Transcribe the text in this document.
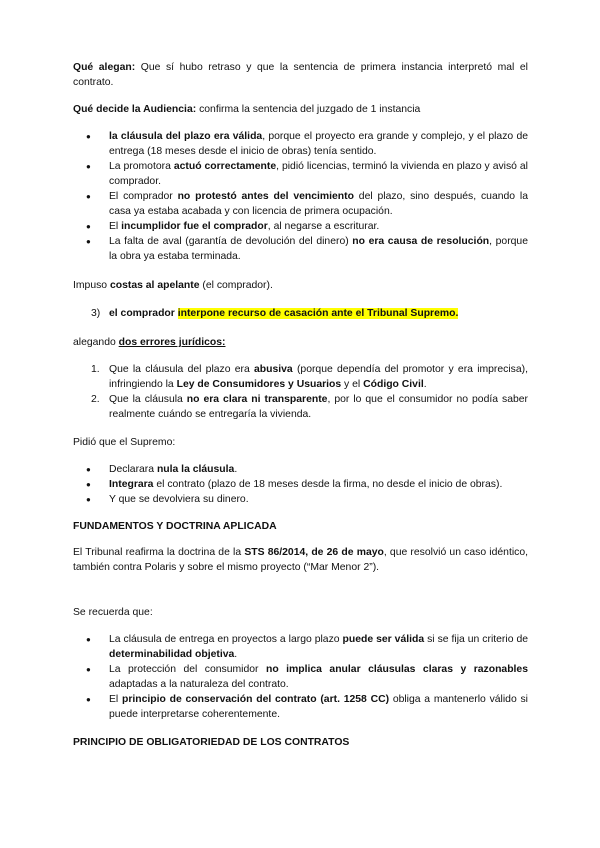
Qué alegan: Que sí hubo retraso y que la sentencia de primera instancia interpretó mal el contrato.

Qué decide la Audiencia: confirma la sentencia del juzgado de 1 instancia

● la cláusula del plazo era válida, porque el proyecto era grande y complejo, y el plazo de entrega (18 meses desde el inicio de obras) tenía sentido.
● La promotora actuó correctamente, pidió licencias, terminó la vivienda en plazo y avisó al comprador.
● El comprador no protestó antes del vencimiento del plazo, sino después, cuando la casa ya estaba acabada y con licencia de primera ocupación.
● El incumplidor fue el comprador, al negarse a escriturar.
● La falta de aval (garantía de devolución del dinero) no era causa de resolución, porque la obra ya estaba terminada.

Impuso costas al apelante (el comprador).

3) el comprador interpone recurso de casación ante el Tribunal Supremo.

alegando dos errores jurídicos:

1. Que la cláusula del plazo era abusiva (porque dependía del promotor y era imprecisa), infringiendo la Ley de Consumidores y Usuarios y el Código Civil.
2. Que la cláusula no era clara ni transparente, por lo que el consumidor no podía saber realmente cuándo se entregaría la vivienda.

Pidió que el Supremo:

● Declarara nula la cláusula.
● Integrara el contrato (plazo de 18 meses desde la firma, no desde el inicio de obras).
● Y que se devolviera su dinero.

FUNDAMENTOS Y DOCTRINA APLICADA

El Tribunal reafirma la doctrina de la STS 86/2014, de 26 de mayo, que resolvió un caso idéntico, también contra Polaris y sobre el mismo proyecto (“Mar Menor 2”).

Se recuerda que:

● La cláusula de entrega en proyectos a largo plazo puede ser válida si se fija un criterio de determinabilidad objetiva.
● La protección del consumidor no implica anular cláusulas claras y razonables adaptadas a la naturaleza del contrato.
● El principio de conservación del contrato (art. 1258 CC) obliga a mantenerlo válido si puede interpretarse coherentemente.

PRINCIPIO DE OBLIGATORIEDAD DE LOS CONTRATOS
